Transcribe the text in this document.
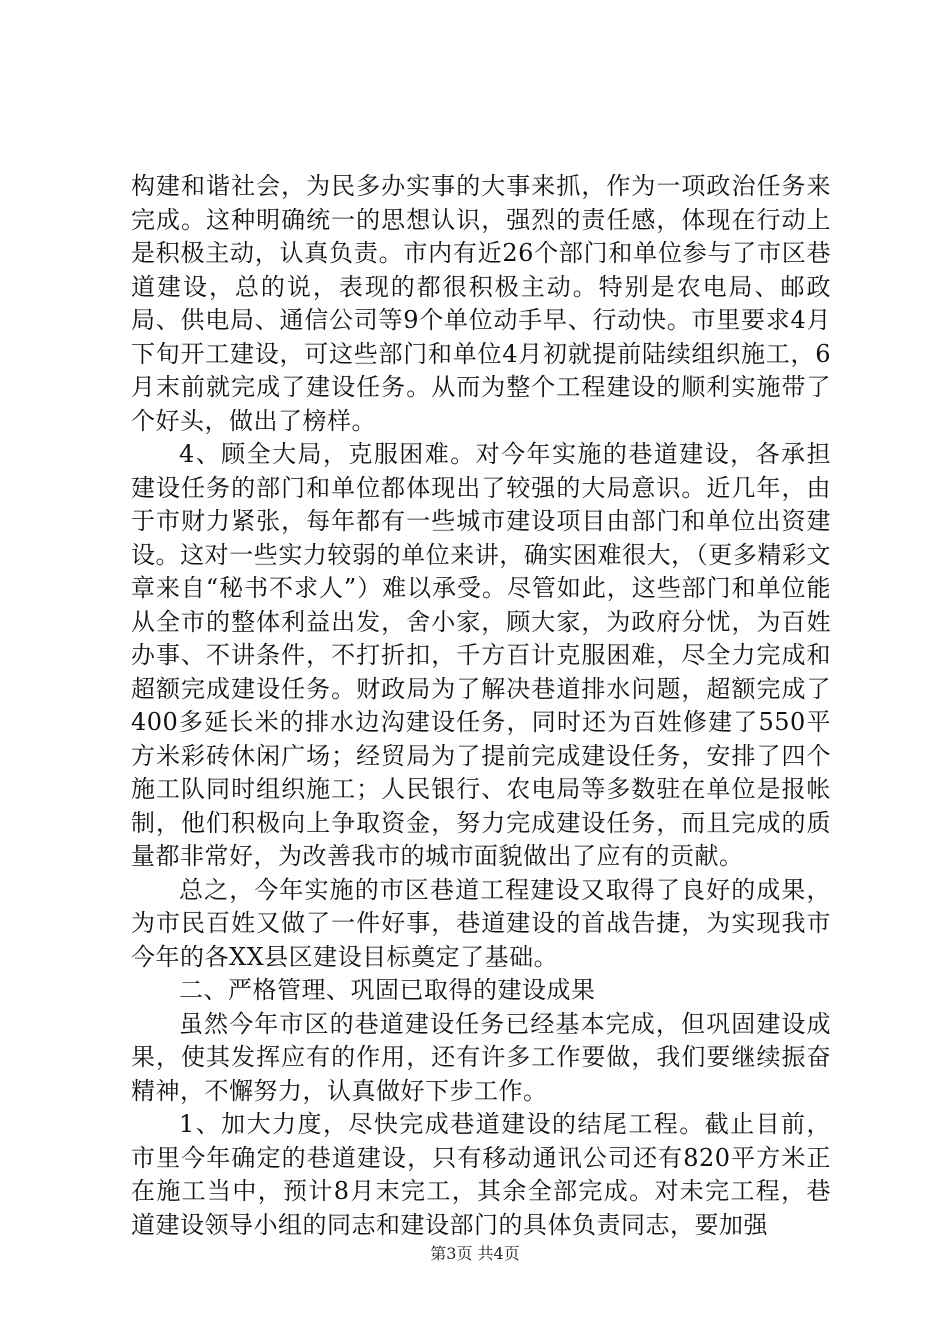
构建和谐社会，为民多办实事的大事来抓，作为一项政治任务来完成。这种明确统一的思想认识，强烈的责任感，体现在行动上是积极主动，认真负责。市内有近26个部门和单位参与了市区巷道建设，总的说，表现的都很积极主动。特别是农电局、邮政局、供电局、通信公司等9个单位动手早、行动快。市里要求4月下旬开工建设，可这些部门和单位4月初就提前陆续组织施工，6月末前就完成了建设任务。从而为整个工程建设的顺利实施带了个好头，做出了榜样。

4、顾全大局，克服困难。对今年实施的巷道建设，各承担建设任务的部门和单位都体现出了较强的大局意识。近几年，由于市财力紧张，每年都有一些城市建设项目由部门和单位出资建设。这对一些实力较弱的单位来讲，确实困难很大，（更多精彩文章来自“秘书不求人”）难以承受。尽管如此，这些部门和单位能从全市的整体利益出发，舍小家，顾大家，为政府分忧，为百姓办事、不讲条件，不打折扣，千方百计克服困难，尽全力完成和超额完成建设任务。财政局为了解决巷道排水问题，超额完成了400多延长米的排水边沟建设任务，同时还为百姓修建了550平方米彩砖休闲广场；经贸局为了提前完成建设任务，安排了四个施工队同时组织施工；人民银行、农电局等多数驻在单位是报帐制，他们积极向上争取资金，努力完成建设任务，而且完成的质量都非常好，为改善我市的城市面貌做出了应有的贡献。

总之，今年实施的市区巷道工程建设又取得了良好的成果，为市民百姓又做了一件好事，巷道建设的首战告捷，为实现我市今年的各XX县区建设目标奠定了基础。

二、严格管理、巩固已取得的建设成果

虽然今年市区的巷道建设任务已经基本完成，但巩固建设成果，使其发挥应有的作用，还有许多工作要做，我们要继续振奋精神，不懈努力，认真做好下步工作。

1、加大力度，尽快完成巷道建设的结尾工程。截止目前，市里今年确定的巷道建设，只有移动通讯公司还有820平方米正在施工当中，预计8月末完工，其余全部完成。对未完工程，巷道建设领导小组的同志和建设部门的具体负责同志，要加强

第3页 共4页
